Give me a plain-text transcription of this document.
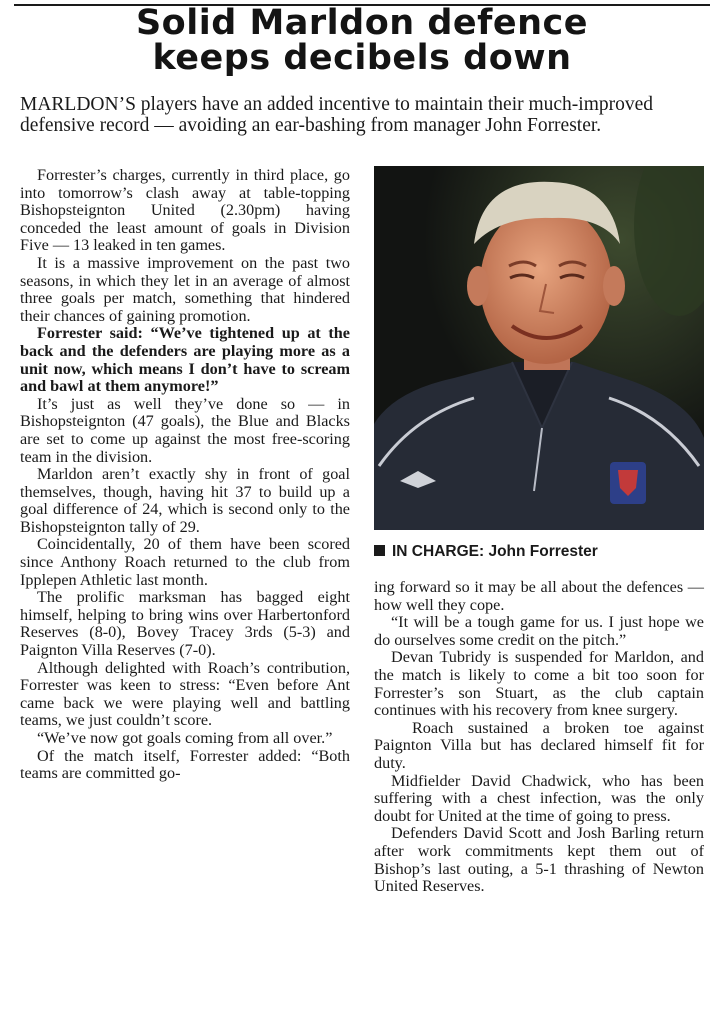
Solid Marldon defence
keeps decibels down

MARLDON’S players have an added incentive to maintain their much-improved defensive record — avoiding an ear-bashing from manager John Forrester.

Forrester’s charges, currently in third place, go into tomorrow’s clash away at table-topping Bishopsteignton United (2.30pm) having conceded the least amount of goals in Division Five — 13 leaked in ten games.

It is a massive improvement on the past two seasons, in which they let in an average of almost three goals per match, something that hindered their chances of gaining promotion.

Forrester said: “We’ve tightened up at the back and the defenders are playing more as a unit now, which means I don’t have to scream and bawl at them anymore!”

It’s just as well they’ve done so — in Bishopsteignton (47 goals), the Blue and Blacks are set to come up against the most free-scoring team in the division.

Marldon aren’t exactly shy in front of goal themselves, though, having hit 37 to build up a goal difference of 24, which is second only to the Bishopsteignton tally of 29.

Coincidentally, 20 of them have been scored since Anthony Roach returned to the club from Ipplepen Athletic last month.

The prolific marksman has bagged eight himself, helping to bring wins over Harbertonford Reserves (8-0), Bovey Tracey 3rds (5-3) and Paignton Villa Reserves (7-0).

Although delighted with Roach’s contribution, Forrester was keen to stress: “Even before Ant came back we were playing well and battling teams, we just couldn’t score.

“We’ve now got goals coming from all over.”

Of the match itself, Forrester added: “Both teams are committed go-

IN CHARGE: John Forrester

ing forward so it may be all about the defences — how well they cope.

“It will be a tough game for us. I just hope we do ourselves some credit on the pitch.”

Devan Tubridy is suspended for Marldon, and the match is likely to come a bit too soon for Forrester’s son Stuart, as the club captain continues with his recovery from knee surgery.

Roach sustained a broken toe against Paignton Villa but has declared himself fit for duty.

Midfielder David Chadwick, who has been suffering with a chest infection, was the only doubt for United at the time of going to press.

Defenders David Scott and Josh Barling return after work commitments kept them out of Bishop’s last outing, a 5-1 thrashing of Newton United Reserves.
